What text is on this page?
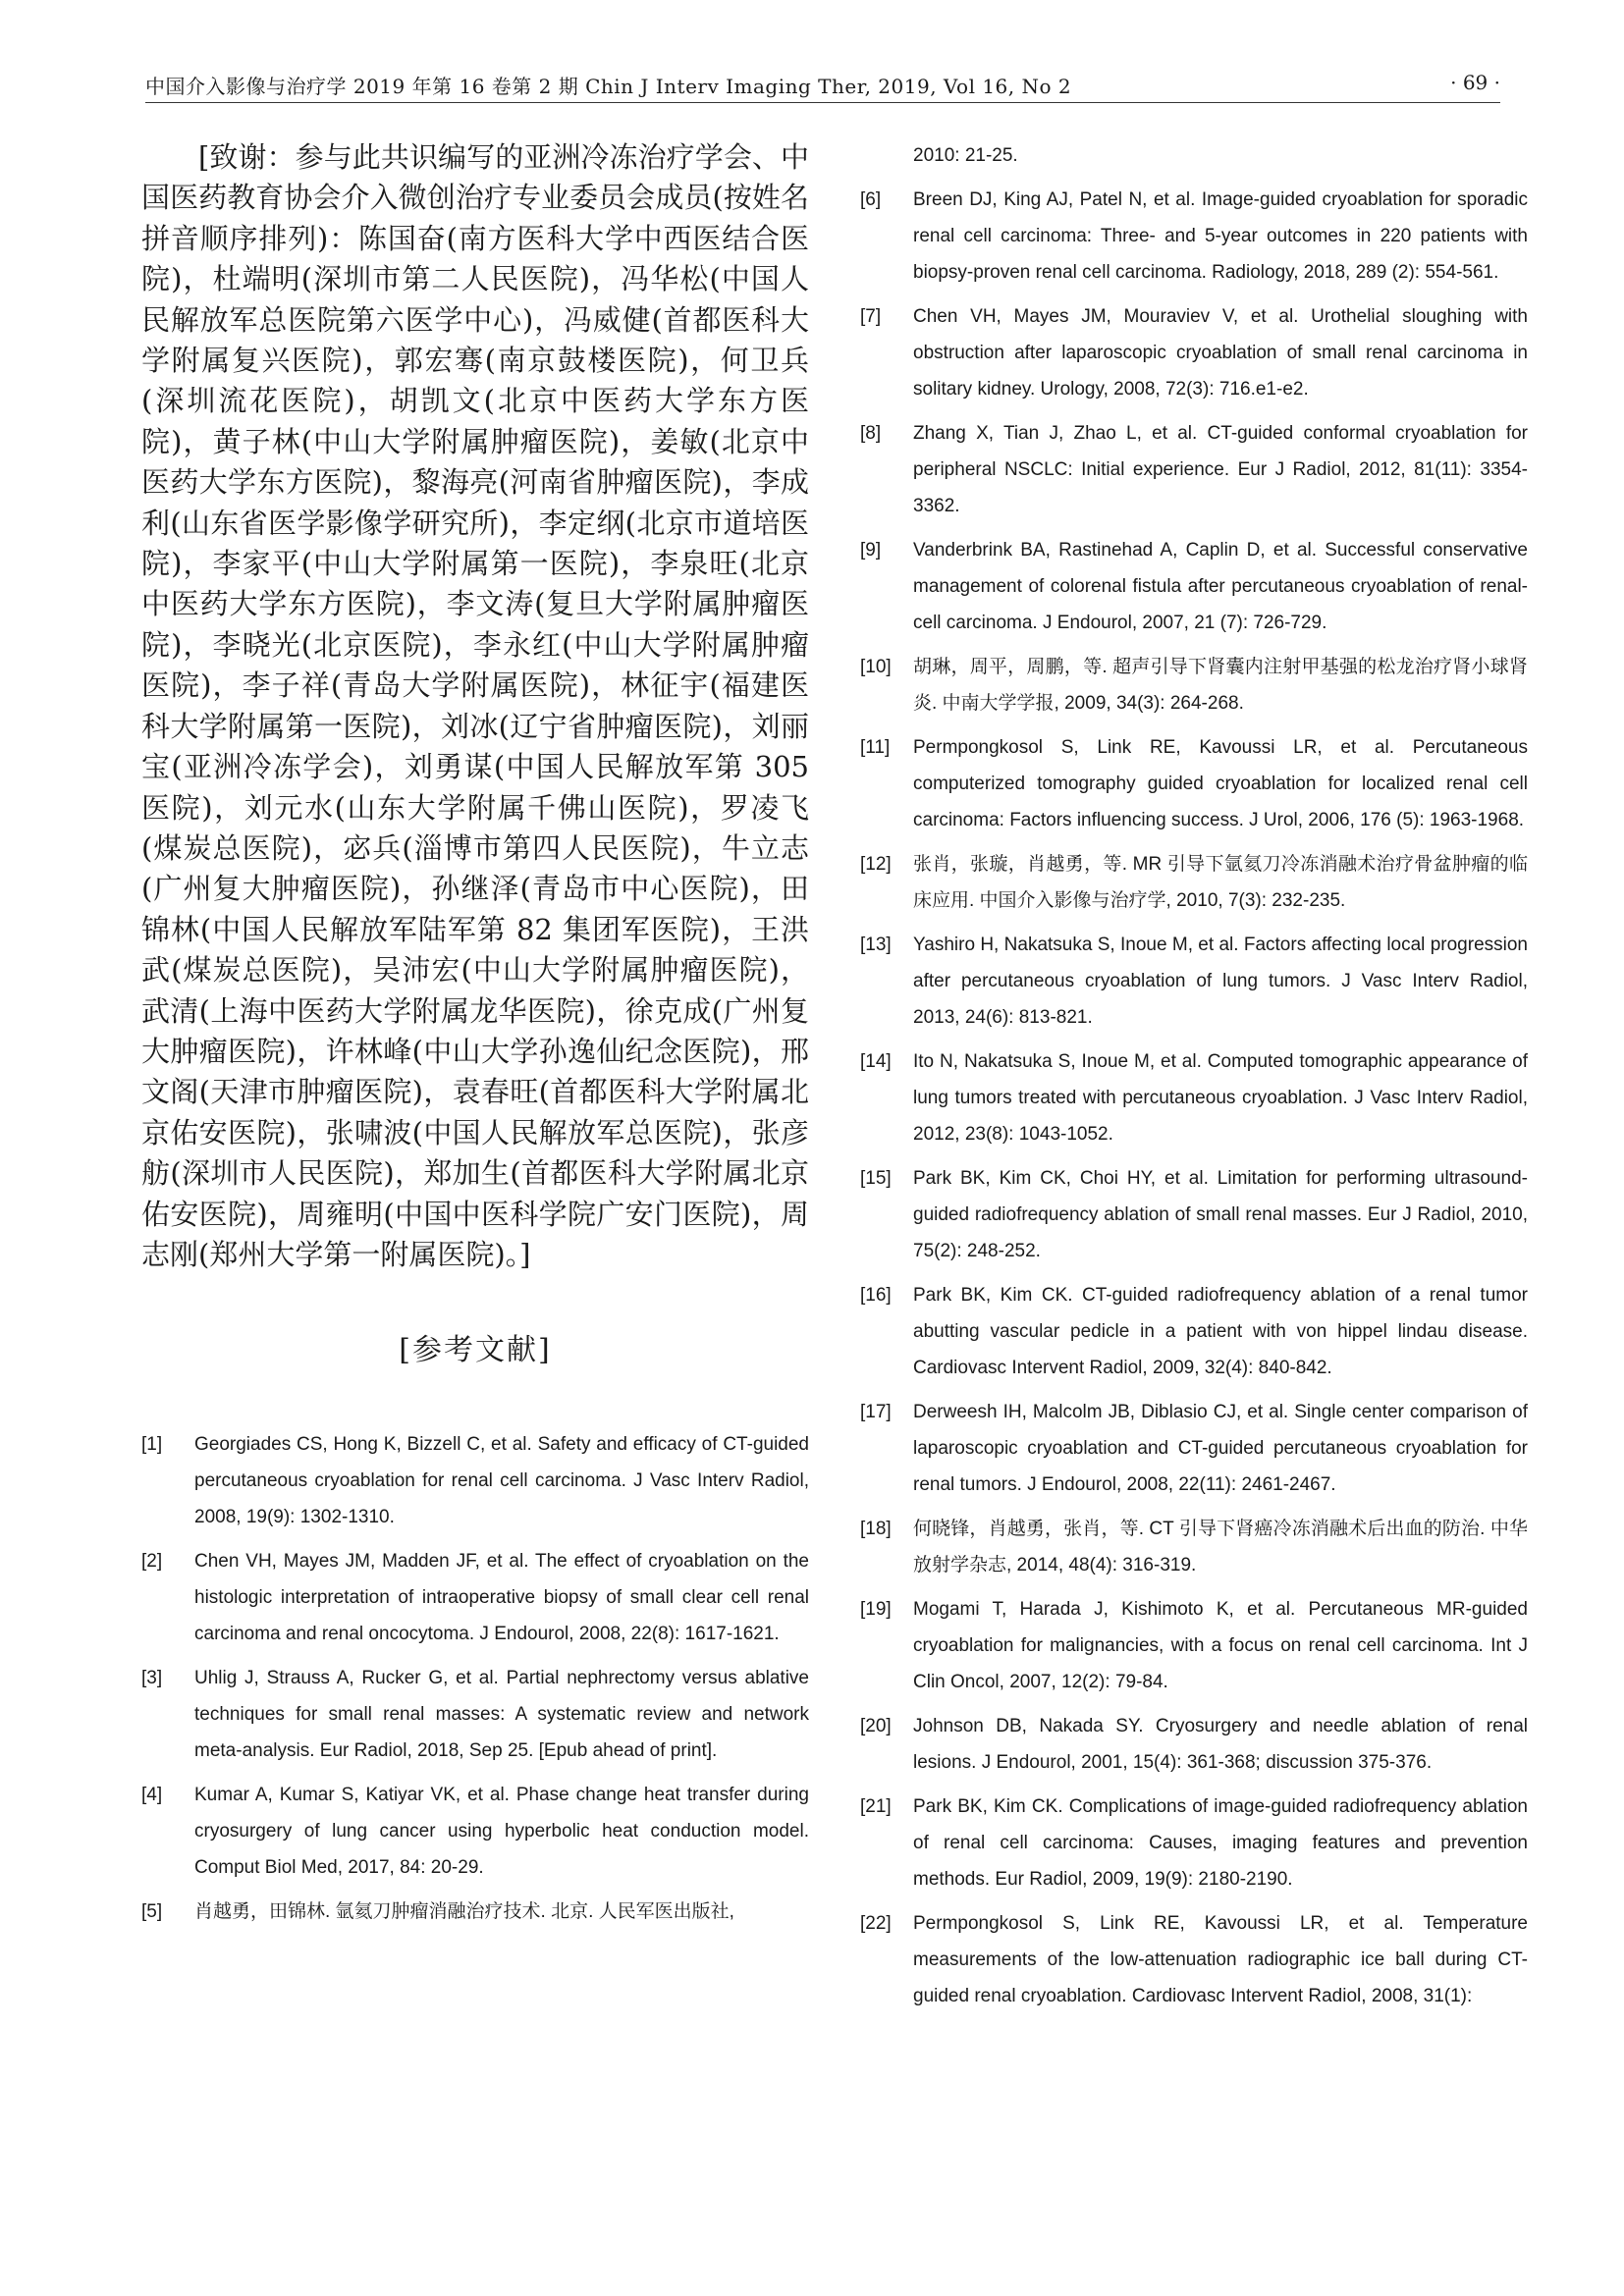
中国介入影像与治疗学 2019 年第 16 卷第 2 期 Chin J Interv Imaging Ther, 2019, Vol 16, No 2	· 69 ·

[致谢：参与此共识编写的亚洲冷冻治疗学会、中国医药教育协会介入微创治疗专业委员会成员(按姓名拼音顺序排列)：陈国奋(南方医科大学中西医结合医院)，杜端明(深圳市第二人民医院)，冯华松(中国人民解放军总医院第六医学中心)，冯威健(首都医科大学附属复兴医院)，郭宏骞(南京鼓楼医院)，何卫兵(深圳流花医院)，胡凯文(北京中医药大学东方医院)，黄子林(中山大学附属肿瘤医院)，姜敏(北京中医药大学东方医院)，黎海亮(河南省肿瘤医院)，李成利(山东省医学影像学研究所)，李定纲(北京市道培医院)，李家平(中山大学附属第一医院)，李泉旺(北京中医药大学东方医院)，李文涛(复旦大学附属肿瘤医院)，李晓光(北京医院)，李永红(中山大学附属肿瘤医院)，李子祥(青岛大学附属医院)，林征宇(福建医科大学附属第一医院)，刘冰(辽宁省肿瘤医院)，刘丽宝(亚洲冷冻学会)，刘勇谋(中国人民解放军第 305 医院)，刘元水(山东大学附属千佛山医院)，罗凌飞(煤炭总医院)，宓兵(淄博市第四人民医院)，牛立志(广州复大肿瘤医院)，孙继泽(青岛市中心医院)，田锦林(中国人民解放军陆军第 82 集团军医院)，王洪武(煤炭总医院)，吴沛宏(中山大学附属肿瘤医院)，武清(上海中医药大学附属龙华医院)，徐克成(广州复大肿瘤医院)，许林峰(中山大学孙逸仙纪念医院)，邢文阁(天津市肿瘤医院)，袁春旺(首都医科大学附属北京佑安医院)，张啸波(中国人民解放军总医院)，张彦舫(深圳市人民医院)，郑加生(首都医科大学附属北京佑安医院)，周雍明(中国中医科学院广安门医院)，周志刚(郑州大学第一附属医院)。]

[参考文献]
[1] Georgiades CS, Hong K, Bizzell C, et al. Safety and efficacy of CT-guided percutaneous cryoablation for renal cell carcinoma. J Vasc Interv Radiol, 2008, 19(9): 1302-1310.
[2] Chen VH, Mayes JM, Madden JF, et al. The effect of cryoablation on the histologic interpretation of intraoperative biopsy of small clear cell renal carcinoma and renal oncocytoma. J Endourol, 2008, 22(8): 1617-1621.
[3] Uhlig J, Strauss A, Rucker G, et al. Partial nephrectomy versus ablative techniques for small renal masses: A systematic review and network meta-analysis. Eur Radiol, 2018, Sep 25. [Epub ahead of print].
[4] Kumar A, Kumar S, Katiyar VK, et al. Phase change heat transfer during cryosurgery of lung cancer using hyperbolic heat conduction model. Comput Biol Med, 2017, 84: 20-29.
[5] 肖越勇，田锦林. 氩氦刀肿瘤消融治疗技术. 北京. 人民军医出版社,
2010: 21-25.
[6] Breen DJ, King AJ, Patel N, et al. Image-guided cryoablation for sporadic renal cell carcinoma: Three- and 5-year outcomes in 220 patients with biopsy-proven renal cell carcinoma. Radiology, 2018, 289 (2): 554-561.
[7] Chen VH, Mayes JM, Mouraviev V, et al. Urothelial sloughing with obstruction after laparoscopic cryoablation of small renal carcinoma in solitary kidney. Urology, 2008, 72(3): 716.e1-e2.
[8] Zhang X, Tian J, Zhao L, et al. CT-guided conformal cryoablation for peripheral NSCLC: Initial experience. Eur J Radiol, 2012, 81(11): 3354-3362.
[9] Vanderbrink BA, Rastinehad A, Caplin D, et al. Successful conservative management of colorenal fistula after percutaneous cryoablation of renal-cell carcinoma. J Endourol, 2007, 21 (7): 726-729.
[10] 胡琳，周平，周鹏，等. 超声引导下肾囊内注射甲基强的松龙治疗肾小球肾炎. 中南大学学报, 2009, 34(3): 264-268.
[11] Permpongkosol S, Link RE, Kavoussi LR, et al. Percutaneous computerized tomography guided cryoablation for localized renal cell carcinoma: Factors influencing success. J Urol, 2006, 176 (5): 1963-1968.
[12] 张肖，张璇，肖越勇，等. MR 引导下氩氦刀冷冻消融术治疗骨盆肿瘤的临床应用. 中国介入影像与治疗学, 2010, 7(3): 232-235.
[13] Yashiro H, Nakatsuka S, Inoue M, et al. Factors affecting local progression after percutaneous cryoablation of lung tumors. J Vasc Interv Radiol, 2013, 24(6): 813-821.
[14] Ito N, Nakatsuka S, Inoue M, et al. Computed tomographic appearance of lung tumors treated with percutaneous cryoablation. J Vasc Interv Radiol, 2012, 23(8): 1043-1052.
[15] Park BK, Kim CK, Choi HY, et al. Limitation for performing ultrasound-guided radiofrequency ablation of small renal masses. Eur J Radiol, 2010, 75(2): 248-252.
[16] Park BK, Kim CK. CT-guided radiofrequency ablation of a renal tumor abutting vascular pedicle in a patient with von hippel lindau disease. Cardiovasc Intervent Radiol, 2009, 32(4): 840-842.
[17] Derweesh IH, Malcolm JB, Diblasio CJ, et al. Single center comparison of laparoscopic cryoablation and CT-guided percutaneous cryoablation for renal tumors. J Endourol, 2008, 22(11): 2461-2467.
[18] 何晓锋，肖越勇，张肖，等. CT 引导下肾癌冷冻消融术后出血的防治. 中华放射学杂志, 2014, 48(4): 316-319.
[19] Mogami T, Harada J, Kishimoto K, et al. Percutaneous MR-guided cryoablation for malignancies, with a focus on renal cell carcinoma. Int J Clin Oncol, 2007, 12(2): 79-84.
[20] Johnson DB, Nakada SY. Cryosurgery and needle ablation of renal lesions. J Endourol, 2001, 15(4): 361-368; discussion 375-376.
[21] Park BK, Kim CK. Complications of image-guided radiofrequency ablation of renal cell carcinoma: Causes, imaging features and prevention methods. Eur Radiol, 2009, 19(9): 2180-2190.
[22] Permpongkosol S, Link RE, Kavoussi LR, et al. Temperature measurements of the low-attenuation radiographic ice ball during CT-guided renal cryoablation. Cardiovasc Intervent Radiol, 2008, 31(1):
